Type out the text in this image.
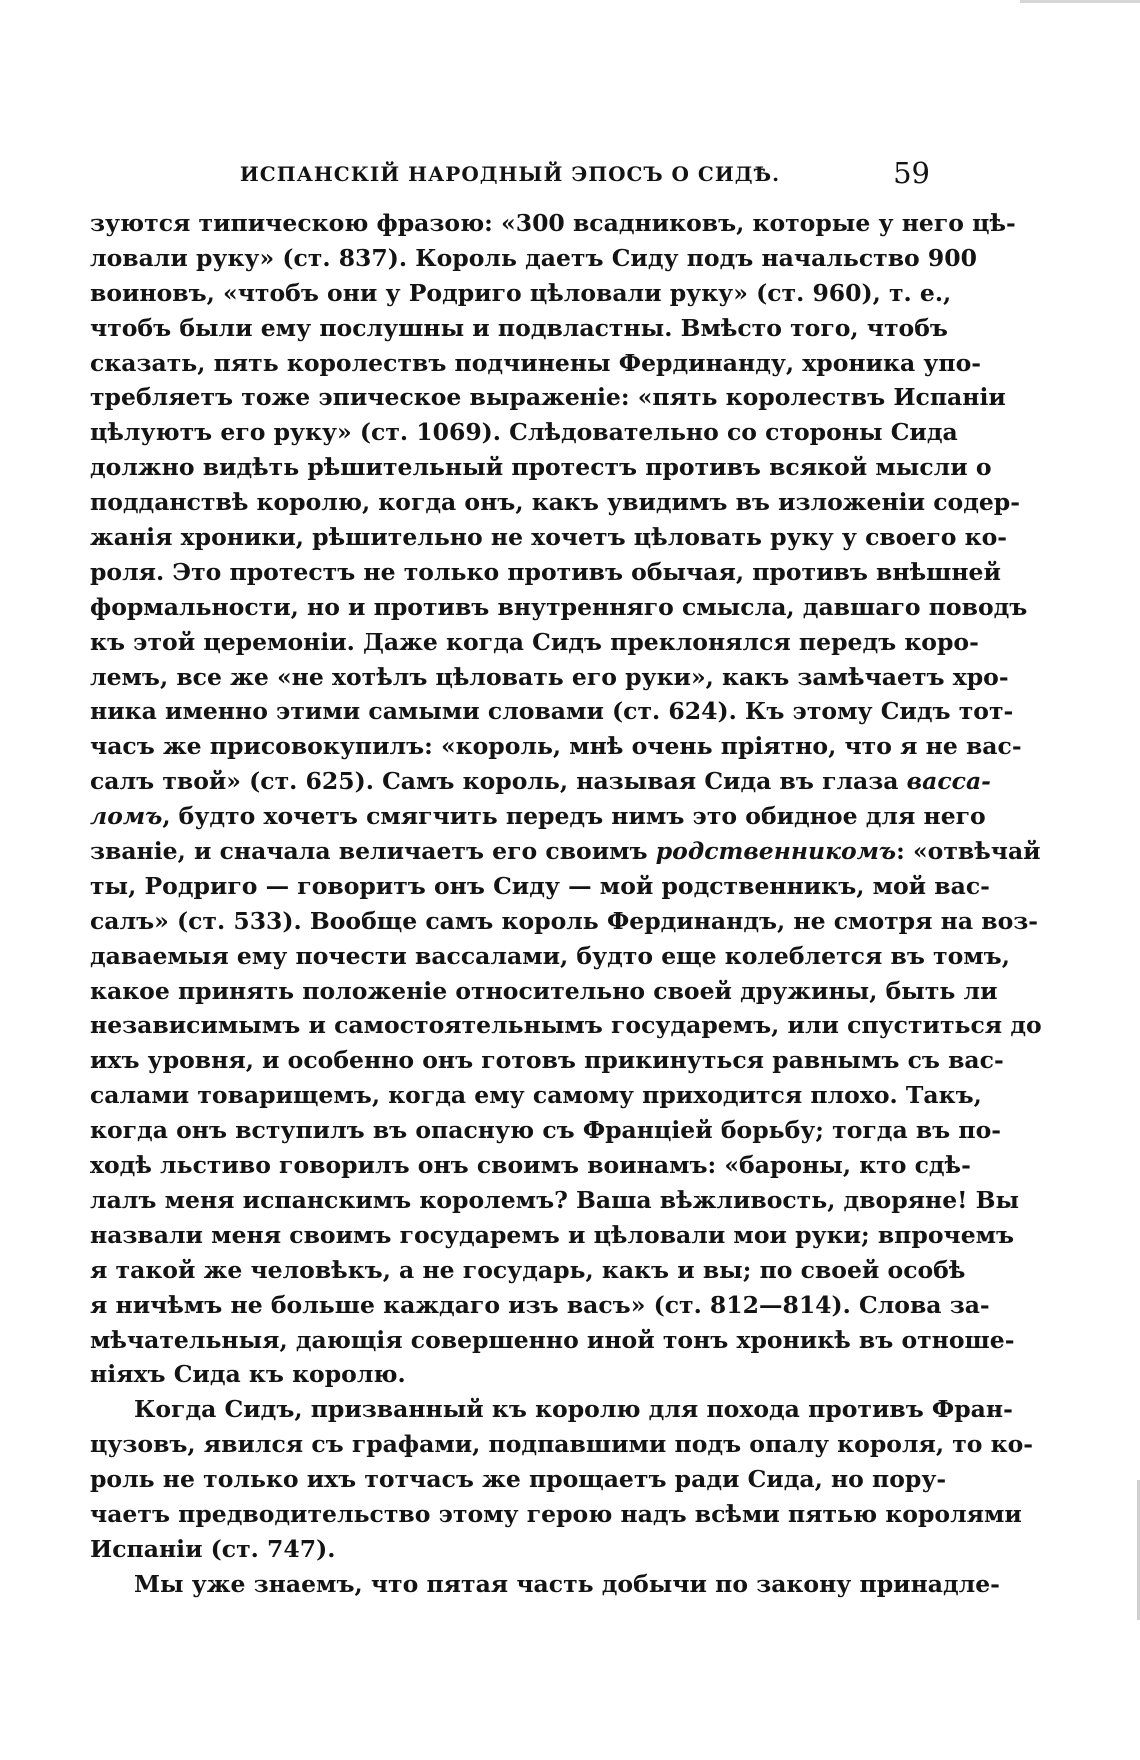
ИСПАНСКІЙ НАРОДНЫЙ ЭПОСЪ О СИДѢ.	59
зуются типическою фразою: «300 всадниковъ, которые у него цѣ-
ловали руку» (ст. 837). Король даетъ Сиду подъ начальство 900
воиновъ, «чтобъ они у Родриго цѣловали руку» (ст. 960), т. е.,
чтобъ были ему послушны и подвластны. Вмѣсто того, чтобъ
сказать, пять королествъ подчинены Фердинанду, хроника упо-
требляетъ тоже эпическое выраженіе: «пять королествъ Испаніи
цѣлуютъ его руку» (ст. 1069). Слѣдовательно со стороны Сида
должно видѣть рѣшительный протестъ противъ всякой мысли о
подданствѣ королю, когда онъ, какъ увидимъ въ изложеніи содер-
жанія хроники, рѣшительно не хочетъ цѣловать руку у своего ко-
роля. Это протестъ не только противъ обычая, противъ внѣшней
формальности, но и противъ внутренняго смысла, давшаго поводъ
къ этой церемоніи. Даже когда Сидъ преклонялся передъ коро-
лемъ, все же «не хотѣлъ цѣловать его руки», какъ замѣчаетъ хро-
ника именно этими самыми словами (ст. 624). Къ этому Сидъ тот-
часъ же присовокупилъ: «король, мнѣ очень пріятно, что я не вас-
салъ твой» (ст. 625). Самъ король, называя Сида въ глаза вассa-
ломъ, будто хочетъ смягчить передъ нимъ это обидное для него
званіе, и сначала величаетъ его своимъ родственникомъ: «отвѣчай
ты, Родриго — говоритъ онъ Сиду — мой родственникъ, мой вас-
салъ» (ст. 533). Вообще самъ король Фердинандъ, не смотря на воз-
даваемыя ему почести вассалами, будто еще колеблется въ томъ,
какое принять положеніе относительно своей дружины, быть ли
независимымъ и самостоятельнымъ государемъ, или спуститься до
ихъ уровня, и особенно онъ готовъ прикинуться равнымъ съ вас-
салами товарищемъ, когда ему самому приходится плохо. Такъ,
когда онъ вступилъ въ опасную съ Франціей борьбу; тогда въ по-
ходѣ льстиво говорилъ онъ своимъ воинамъ: «бароны, кто сдѣ-
лалъ меня испанскимъ королемъ? Ваша вѣжливость, дворяне! Вы
назвали меня своимъ государемъ и цѣловали мои руки; впрочемъ
я такой же человѣкъ, а не государь, какъ и вы; по своей особѣ
я ничѣмъ не больше каждаго изъ васъ» (ст. 812—814). Слова за-
мѣчательныя, дающія совершенно иной тонъ хроникѣ въ отноше-
ніяхъ Сида къ королю.
Когда Сидъ, призванный къ королю для похода противъ Фран-
цузовъ, явился съ графами, подпавшими подъ опалу короля, то ко-
роль не только ихъ тотчасъ же прощаетъ ради Сида, но пору-
чаетъ предводительство этому герою надъ всѣми пятью королями
Испаніи (ст. 747).
Мы уже знаемъ, что пятая часть добычи по закону принадле-
